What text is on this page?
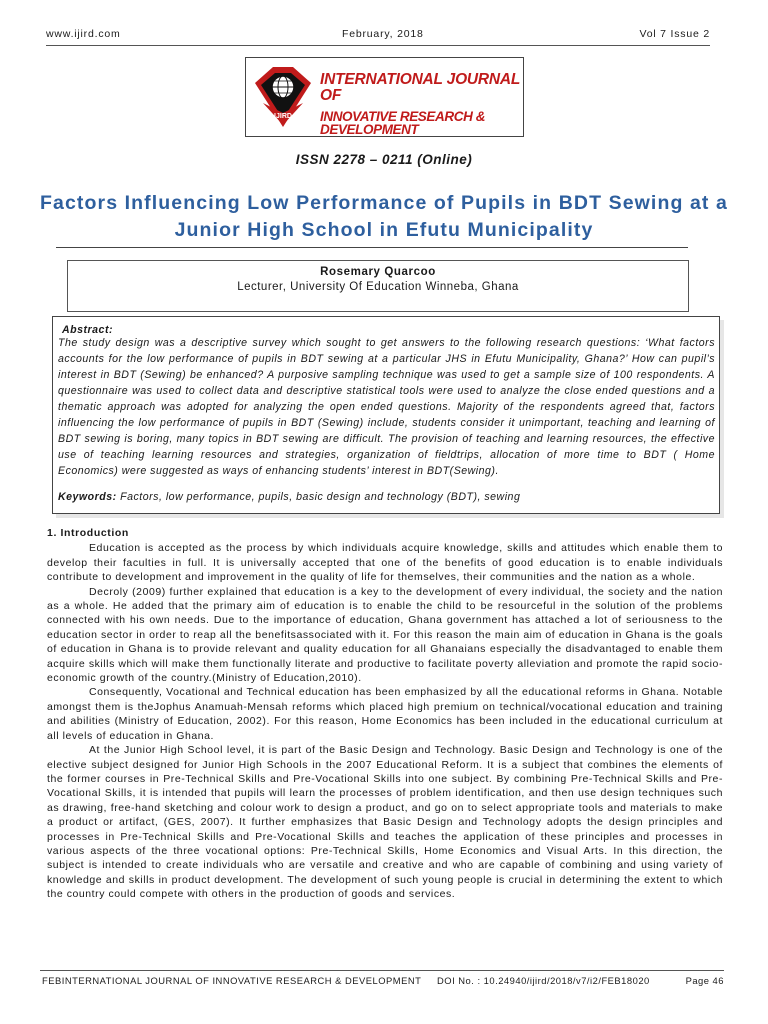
www.ijird.com	February, 2018	Vol 7 Issue 2
IJIRD
INTERNATIONAL JOURNAL OF
INNOVATIVE RESEARCH & DEVELOPMENT
ISSN 2278 – 0211 (Online)
Factors Influencing Low Performance of Pupils in BDT Sewing at a Junior High School in Efutu Municipality
Rosemary Quarcoo
Lecturer, University Of Education Winneba, Ghana
Abstract:
The study design was a descriptive survey which sought to get answers to the following research questions: ‘What factors accounts for the low performance of pupils in BDT sewing at a particular JHS in Efutu Municipality, Ghana?’ How can pupil’s interest in BDT (Sewing) be enhanced? A purposive sampling technique was used to get a sample size of 100 respondents. A questionnaire was used to collect data and descriptive statistical tools were used to analyze the close ended questions and a thematic approach was adopted for analyzing the open ended questions. Majority of the respondents agreed that, factors influencing the low performance of pupils in BDT (Sewing) include, students consider it unimportant, teaching and learning of BDT sewing is boring, many topics in BDT sewing are difficult. The provision of teaching and learning resources, the effective use of teaching learning resources and strategies, organization of fieldtrips, allocation of more time to BDT ( Home Economics) were suggested as ways of enhancing students’ interest in BDT(Sewing).
Keywords: Factors, low performance, pupils, basic design and technology (BDT), sewing
1. Introduction

Education is accepted as the process by which individuals acquire knowledge, skills and attitudes which enable them to develop their faculties in full. It is universally accepted that one of the benefits of good education is to enable individuals contribute to development and improvement in the quality of life for themselves, their communities and the nation as a whole.

Decroly (2009) further explained that education is a key to the development of every individual, the society and the nation as a whole. He added that the primary aim of education is to enable the child to be resourceful in the solution of the problems connected with his own needs. Due to the importance of education, Ghana government has attached a lot of seriousness to the education sector in order to reap all the benefitsassociated with it. For this reason the main aim of education in Ghana is the goals of education in Ghana is to provide relevant and quality education for all Ghanaians especially the disadvantaged to enable them acquire skills which will make them functionally literate and productive to facilitate poverty alleviation and promote the rapid socio-economic growth of the country.(Ministry of Education,2010).

Consequently, Vocational and Technical education has been emphasized by all the educational reforms in Ghana. Notable amongst them is theJophus Anamuah-Mensah reforms which placed high premium on technical/vocational education and training and abilities (Ministry of Education, 2002). For this reason, Home Economics has been included in the educational curriculum at all levels of education in Ghana.

At the Junior High School level, it is part of the Basic Design and Technology. Basic Design and Technology is one of the elective subject designed for Junior High Schools in the 2007 Educational Reform. It is a subject that combines the elements of the former courses in Pre-Technical Skills and Pre-Vocational Skills into one subject. By combining Pre-Technical Skills and Pre-Vocational Skills, it is intended that pupils will learn the processes of problem identification, and then use design techniques such as drawing, free-hand sketching and colour work to design a product, and go on to select appropriate tools and materials to make a product or artifact, (GES, 2007). It further emphasizes that Basic Design and Technology adopts the design principles and processes in Pre-Technical Skills and Pre-Vocational Skills and teaches the application of these principles and processes in various aspects of the three vocational options: Pre-Technical Skills, Home Economics and Visual Arts. In this direction, the subject is intended to create individuals who are versatile and creative and who are capable of combining and using variety of knowledge and skills in product development. The development of such young people is crucial in determining the extent to which the country could compete with others in the production of goods and services.

FEBINTERNATIONAL JOURNAL OF INNOVATIVE RESEARCH & DEVELOPMENT DOI No. : 10.24940/ijird/2018/v7/i2/FEB18020	Page 46
